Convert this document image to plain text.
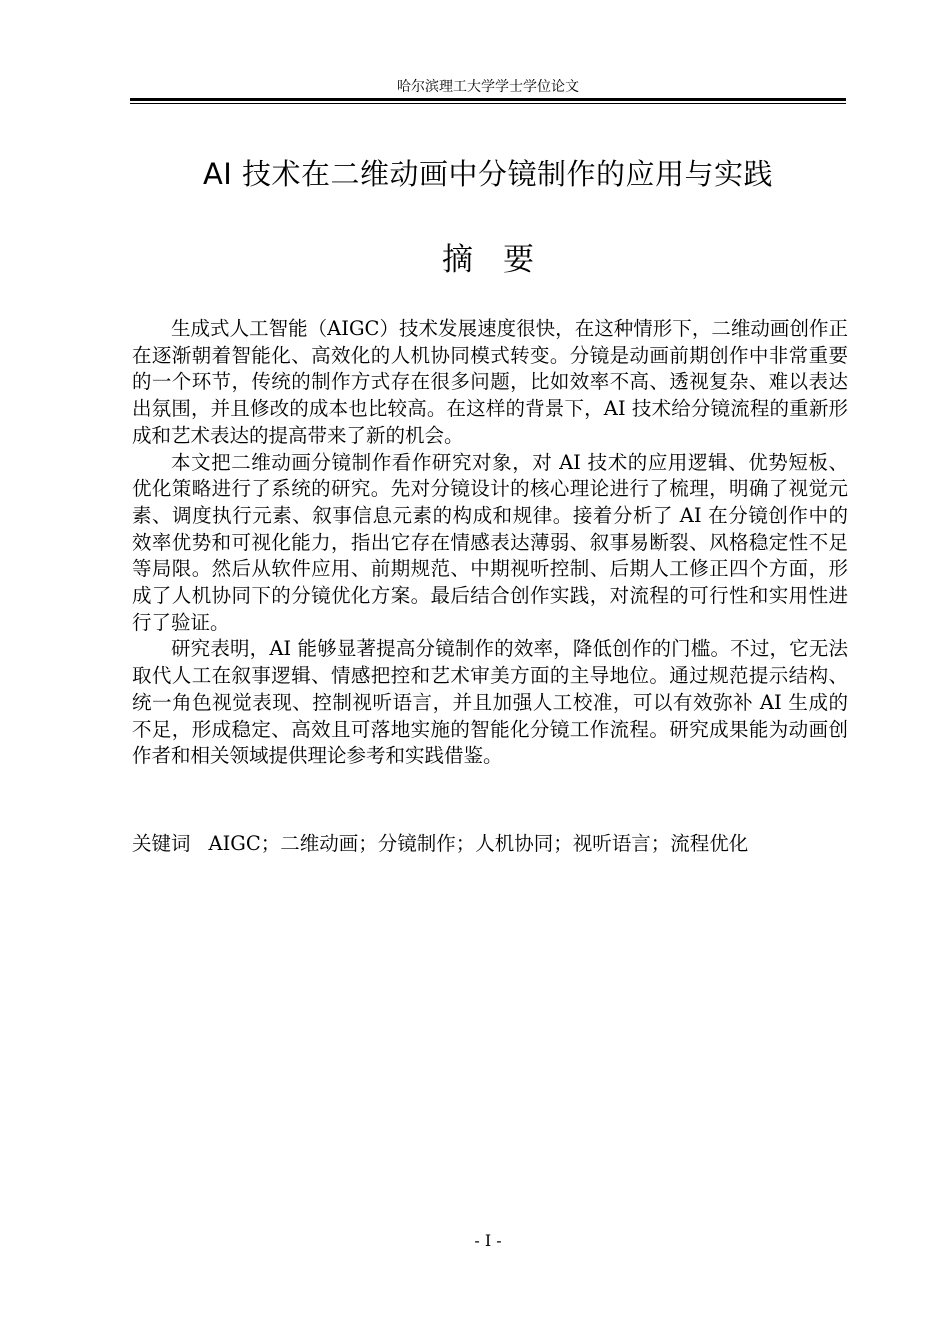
哈尔滨理工大学学士学位论文
AI 技术在二维动画中分镜制作的应用与实践
摘要

生成式人工智能（AIGC）技术发展速度很快，在这种情形下，二维动画创作正在逐渐朝着智能化、高效化的人机协同模式转变。分镜是动画前期创作中非常重要的一个环节，传统的制作方式存在很多问题，比如效率不高、透视复杂、难以表达出氛围，并且修改的成本也比较高。在这样的背景下，AI 技术给分镜流程的重新形成和艺术表达的提高带来了新的机会。

本文把二维动画分镜制作看作研究对象，对 AI 技术的应用逻辑、优势短板、优化策略进行了系统的研究。先对分镜设计的核心理论进行了梳理，明确了视觉元素、调度执行元素、叙事信息元素的构成和规律。接着分析了 AI 在分镜创作中的效率优势和可视化能力，指出它存在情感表达薄弱、叙事易断裂、风格稳定性不足等局限。然后从软件应用、前期规范、中期视听控制、后期人工修正四个方面，形成了人机协同下的分镜优化方案。最后结合创作实践，对流程的可行性和实用性进行了验证。

研究表明，AI 能够显著提高分镜制作的效率，降低创作的门槛。不过，它无法取代人工在叙事逻辑、情感把控和艺术审美方面的主导地位。通过规范提示结构、统一角色视觉表现、控制视听语言，并且加强人工校准，可以有效弥补 AI 生成的不足，形成稳定、高效且可落地实施的智能化分镜工作流程。研究成果能为动画创作者和相关领域提供理论参考和实践借鉴。

关键词 AIGC；二维动画；分镜制作；人机协同；视听语言；流程优化
- I -
